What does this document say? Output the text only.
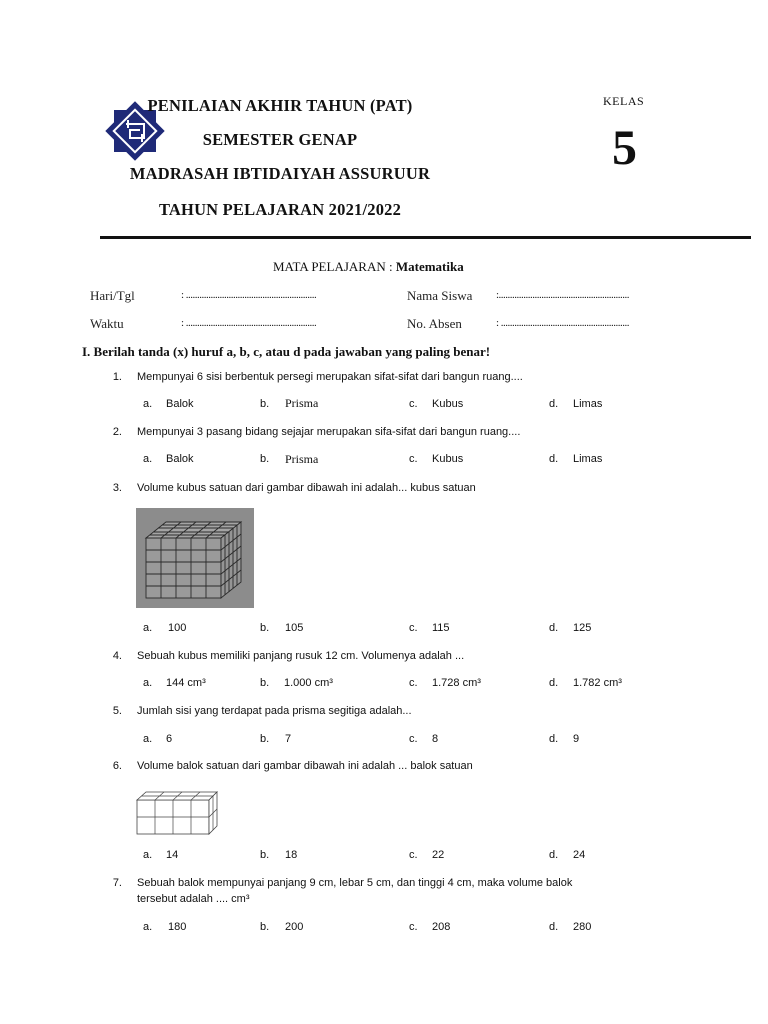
PENILAIAN AKHIR TAHUN (PAT)
SEMESTER GENAP
MADRASAH IBTIDAIYAH ASSURUUR
TAHUN PELAJARAN 2021/2022
KELAS
5
MATA PELAJARAN : Matematika
Hari/Tgl	: ..........................................................	Nama Siswa :..........................................................
Waktu	: ..........................................................	No. Absen	: .........................................................
I. Berilah tanda (x) huruf a, b, c, atau d pada jawaban yang paling benar!
1. Mempunyai 6 sisi berbentuk persegi merupakan sifat-sifat dari bangun ruang....
a. Balok	b. Prisma	c. Kubus	d. Limas
2. Mempunyai 3 pasang bidang sejajar merupakan sifa-sifat dari bangun ruang....
a. Balok	b. Prisma	c. Kubus	d. Limas
3. Volume kubus satuan dari gambar dibawah ini adalah... kubus satuan
a. 100	b. 105	c. 115	d. 125
4. Sebuah kubus memiliki panjang rusuk 12 cm. Volumenya adalah ...
a. 144 cm³	b. 1.000 cm³	c. 1.728 cm³	d. 1.782 cm³
5. Jumlah sisi yang terdapat pada prisma segitiga adalah...
a. 6	b. 7	c. 8	d. 9
6. Volume balok satuan dari gambar dibawah ini adalah ... balok satuan
a. 14	b. 18	c. 22	d. 24
7. Sebuah balok mempunyai panjang 9 cm, lebar 5 cm, dan tinggi 4 cm, maka volume balok
tersebut adalah .... cm³
a. 180	b. 200	c. 208	d. 280
